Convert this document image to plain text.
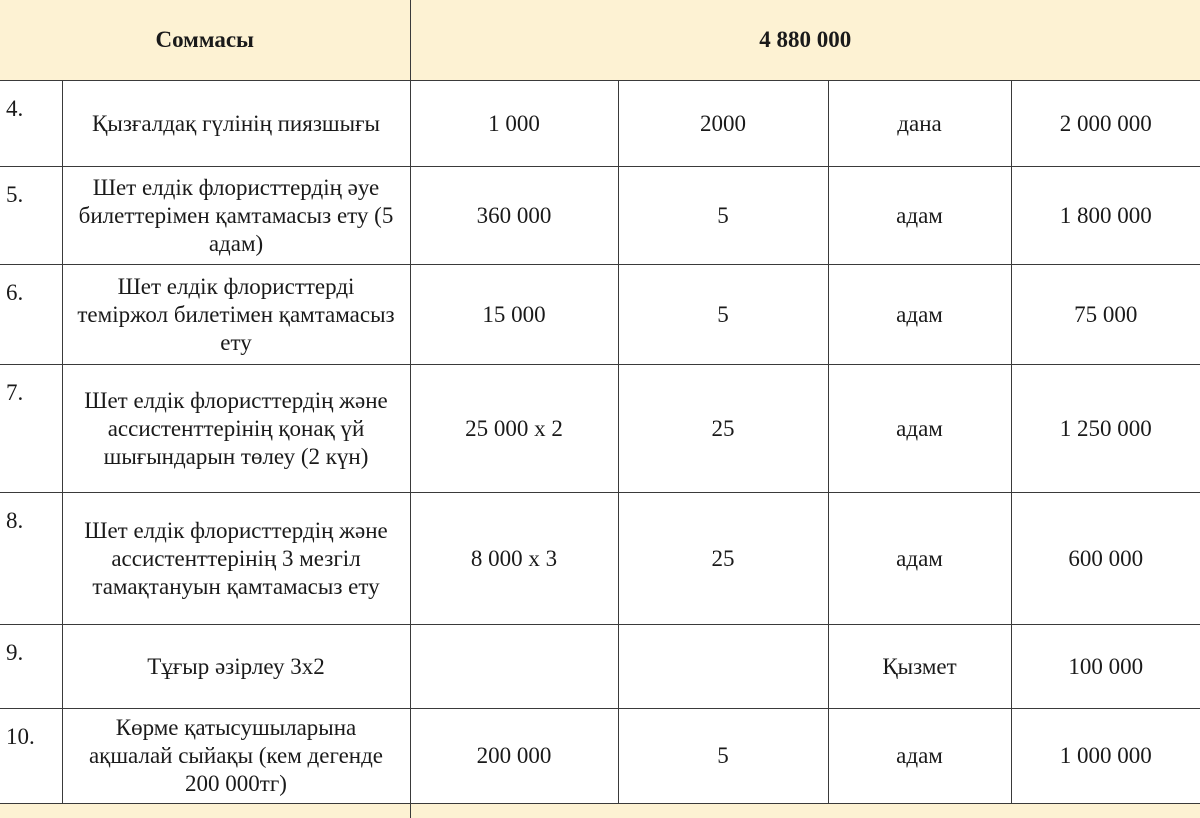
Соммасы		4 880 000			
4.	Қызғалдақ гүлінің пиязшығы	1 000	2000	дана	2 000 000
5.	Шет елдік флористтердің әуе билеттерімен қамтамасыз ету (5 адам)	360 000	5	адам	1 800 000
6.	Шет елдік флористтерді теміржол билетімен қамтамасыз ету	15 000	5	адам	75 000
7.	Шет елдік флористтердің және ассистенттерінің қонақ үй шығындарын төлеу (2 күн)	25 000 х 2	25	адам	1 250 000
8.	Шет елдік флористтердің және ассистенттерінің 3 мезгіл тамақтануын қамтамасыз ету	8 000 х 3	25	адам	600 000
9.	Тұғыр әзірлеу 3х2			Қызмет	100 000
10.	Көрме қатысушыларына ақшалай сыйақы (кем дегенде 200 000тг)	200 000	5	адам	1 000 000
